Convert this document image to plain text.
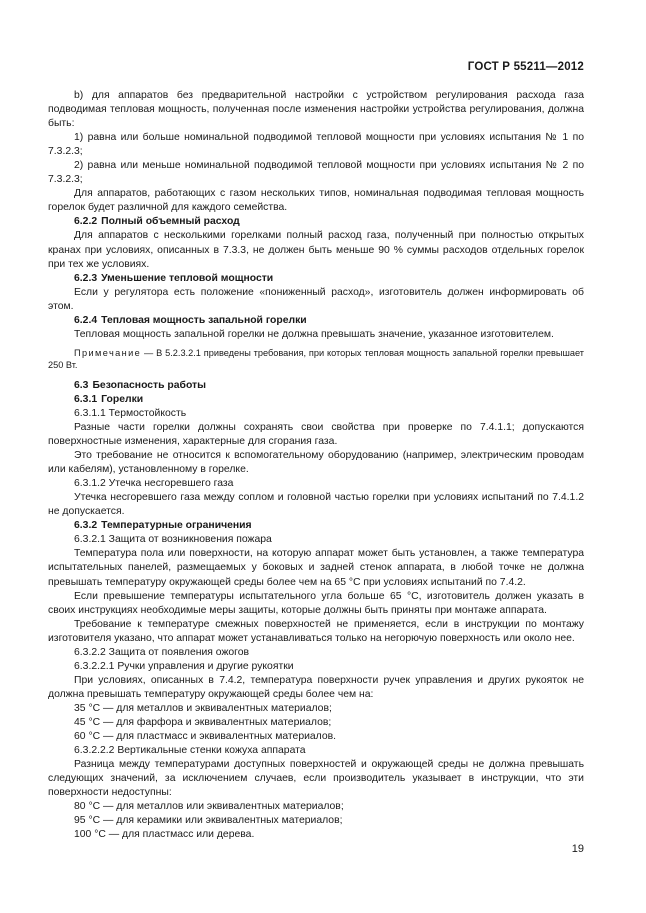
ГОСТ Р 55211—2012

b) для аппаратов без предварительной настройки с устройством регулирования расхода газа подводимая тепловая мощность, полученная после изменения настройки устройства регулирования, должна быть:

1) равна или больше номинальной подводимой тепловой мощности при условиях испытания № 1 по 7.3.2.3;

2) равна или меньше номинальной подводимой тепловой мощности при условиях испытания № 2 по 7.3.2.3;

Для аппаратов, работающих с газом нескольких типов, номинальная подводимая тепловая мощность горелок будет различной для каждого семейства.

6.2.2 Полный объемный расход

Для аппаратов с несколькими горелками полный расход газа, полученный при полностью открытых кранах при условиях, описанных в 7.3.3, не должен быть меньше 90 % суммы расходов отдельных горелок при тех же условиях.

6.2.3 Уменьшение тепловой мощности

Если у регулятора есть положение «пониженный расход», изготовитель должен информировать об этом.

6.2.4 Тепловая мощность запальной горелки

Тепловая мощность запальной горелки не должна превышать значение, указанное изготовителем.

Примечание — В 5.2.3.2.1 приведены требования, при которых тепловая мощность запальной горелки превышает 250 Вт.
6.3 Безопасность работы
6.3.1 Горелки

6.3.1.1 Термостойкость

Разные части горелки должны сохранять свои свойства при проверке по 7.4.1.1; допускаются поверхностные изменения, характерные для сгорания газа.

Это требование не относится к вспомогательному оборудованию (например, электрическим проводам или кабелям), установленному в горелке.

6.3.1.2 Утечка несгоревшего газа

Утечка несгоревшего газа между соплом и головной частью горелки при условиях испытаний по 7.4.1.2 не допускается.

6.3.2 Температурные ограничения

6.3.2.1 Защита от возникновения пожара

Температура пола или поверхности, на которую аппарат может быть установлен, а также температура испытательных панелей, размещаемых у боковых и задней стенок аппарата, в любой точке не должна превышать температуру окружающей среды более чем на 65 °С при условиях испытаний по 7.4.2.

Если превышение температуры испытательного угла больше 65 °С, изготовитель должен указать в своих инструкциях необходимые меры защиты, которые должны быть приняты при монтаже аппарата.

Требование к температуре смежных поверхностей не применяется, если в инструкции по монтажу изготовителя указано, что аппарат может устанавливаться только на негорючую поверхность или около нее.

6.3.2.2 Защита от появления ожогов

6.3.2.2.1 Ручки управления и другие рукоятки

При условиях, описанных в 7.4.2, температура поверхности ручек управления и других рукояток не должна превышать температуру окружающей среды более чем на:

35 °С — для металлов и эквивалентных материалов;

45 °С — для фарфора и эквивалентных материалов;

60 °С — для пластмасс и эквивалентных материалов.

6.3.2.2.2 Вертикальные стенки кожуха аппарата

Разница между температурами доступных поверхностей и окружающей среды не должна превышать следующих значений, за исключением случаев, если производитель указывает в инструкции, что эти поверхности недоступны:

80 °С — для металлов или эквивалентных материалов;

95 °С — для керамики или эквивалентных материалов;

100 °С — для пластмасс или дерева.

19
